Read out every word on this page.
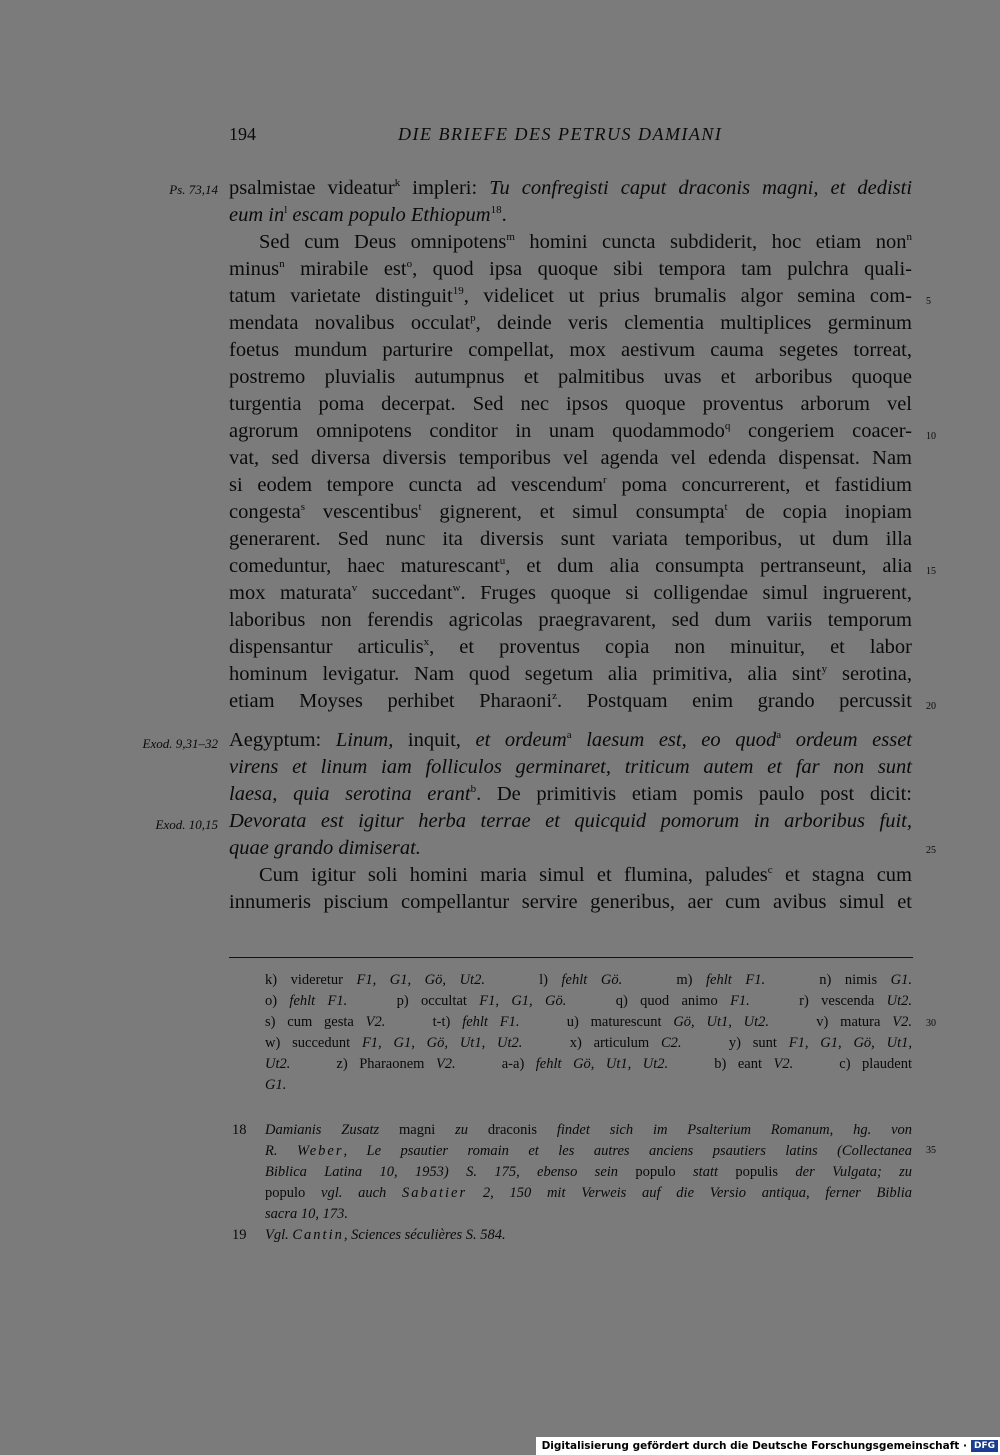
194	DIE BRIEFE DES PETRUS DAMIANI
Ps. 73,14
Exod. 9,31–32
Exod. 10,15
5
10
15
20
25
30
35
psalmistae videatur$^k$ impleri: Tu confregisti caput draconis magni, et dedisti
eum $in^l$ escam populo Ethiopum$^{18}$.
Sed cum Deus omnipotens$^m$ homini cuncta subdiderit, hoc etiam non$^n$
minus$^n$ mirabile est$^o$, quod ipsa quoque sibi tempora tam pulchra quali-
tatum varietate distinguit$^{19}$, videlicet ut prius brumalis algor semina com-
mendata novalibus occulat$^p$, deinde veris clementia multiplices germinum
foetus mundum parturire compellat, mox aestivum cauma segetes torreat,
postremo pluvialis autumpnus et palmitibus uvas et arboribus quoque
turgentia poma decerpat. Sed nec ipsos quoque proventus arborum vel
agrorum omnipotens conditor in unam quodammodo$^q$ congeriem coacer-
vat, sed diversa diversis temporibus vel agenda vel edenda dispensat. Nam
si eodem tempore cuncta ad vescendum$^r$ poma concurrerent, et fastidium
congesta$^s$ vescentibus$^t$ gignerent, et simul consumpta$^t$ de copia inopiam
generarent. Sed nunc ita diversis sunt variata temporibus, ut dum illa
comeduntur, haec maturescant$^u$, et dum alia consumpta pertranseunt, alia
mox maturata$^v$ succedant$^w$. Fruges quoque si colligendae simul ingruerent,
laboribus non ferendis agricolas praegravarent, sed dum variis temporum
dispensantur articulis$^x$, et proventus copia non minuitur, et labor
hominum levigatur. Nam quod segetum alia primitiva, alia sint$^y$ serotina,
etiam Moyses perhibet Pharaoni$^z$. Postquam enim grando percussit
Aegyptum: Linum, inquit, et ordeum$^a$ laesum est, eo quod$^a$ ordeum esset
virens et linum iam folliculos germinaret, triticum autem et far non sunt
laesa, quia serotina erant$^b$. De primitivis etiam pomis paulo post dicit:
Devorata est igitur herba terrae et quicquid pomorum in arboribus fuit,
quae grando dimiserat.
Cum igitur soli homini maria simul et flumina, paludes$^c$ et stagna cum
innumeris piscium compellantur servire generibus, aer cum avibus simul et
k) videretur F1, G1, Gö, Ut2.    l) fehlt Gö.    m) fehlt F1.    n) nimis G1.
o) fehlt F1.    p) occultat F1, G1, Gö.    q) quod animo F1.    r) vescenda Ut2.
s) cum gesta V2.    t-t) fehlt F1.    u) maturescunt Gö, Ut1, Ut2.    v) matura V2.
w) succedunt F1, G1, Gö, Ut1, Ut2.    x) articulum C2.    y) sunt F1, G1, Gö, Ut1,
Ut2.    z) Pharaonem V2.    a-a) fehlt Gö, Ut1, Ut2.    b) eant V2.    c) plaudent
G1.
18 Damianis Zusatz magni zu draconis findet sich im Psalterium Romanum, hg. von
R. Weber, Le psautier romain et les autres anciens psautiers latins (Collectanea
Biblica Latina 10, 1953) S. 175, ebenso sein populo statt populis der Vulgata; zu
populo vgl. auch Sabatier 2, 150 mit Verweis auf die Versio antiqua, ferner Biblia
sacra 10, 173.
19 Vgl. Cantin, Sciences séculières S. 584.
Digitalisierung gefördert durch die Deutsche Forschungsgemeinschaft · DFG
